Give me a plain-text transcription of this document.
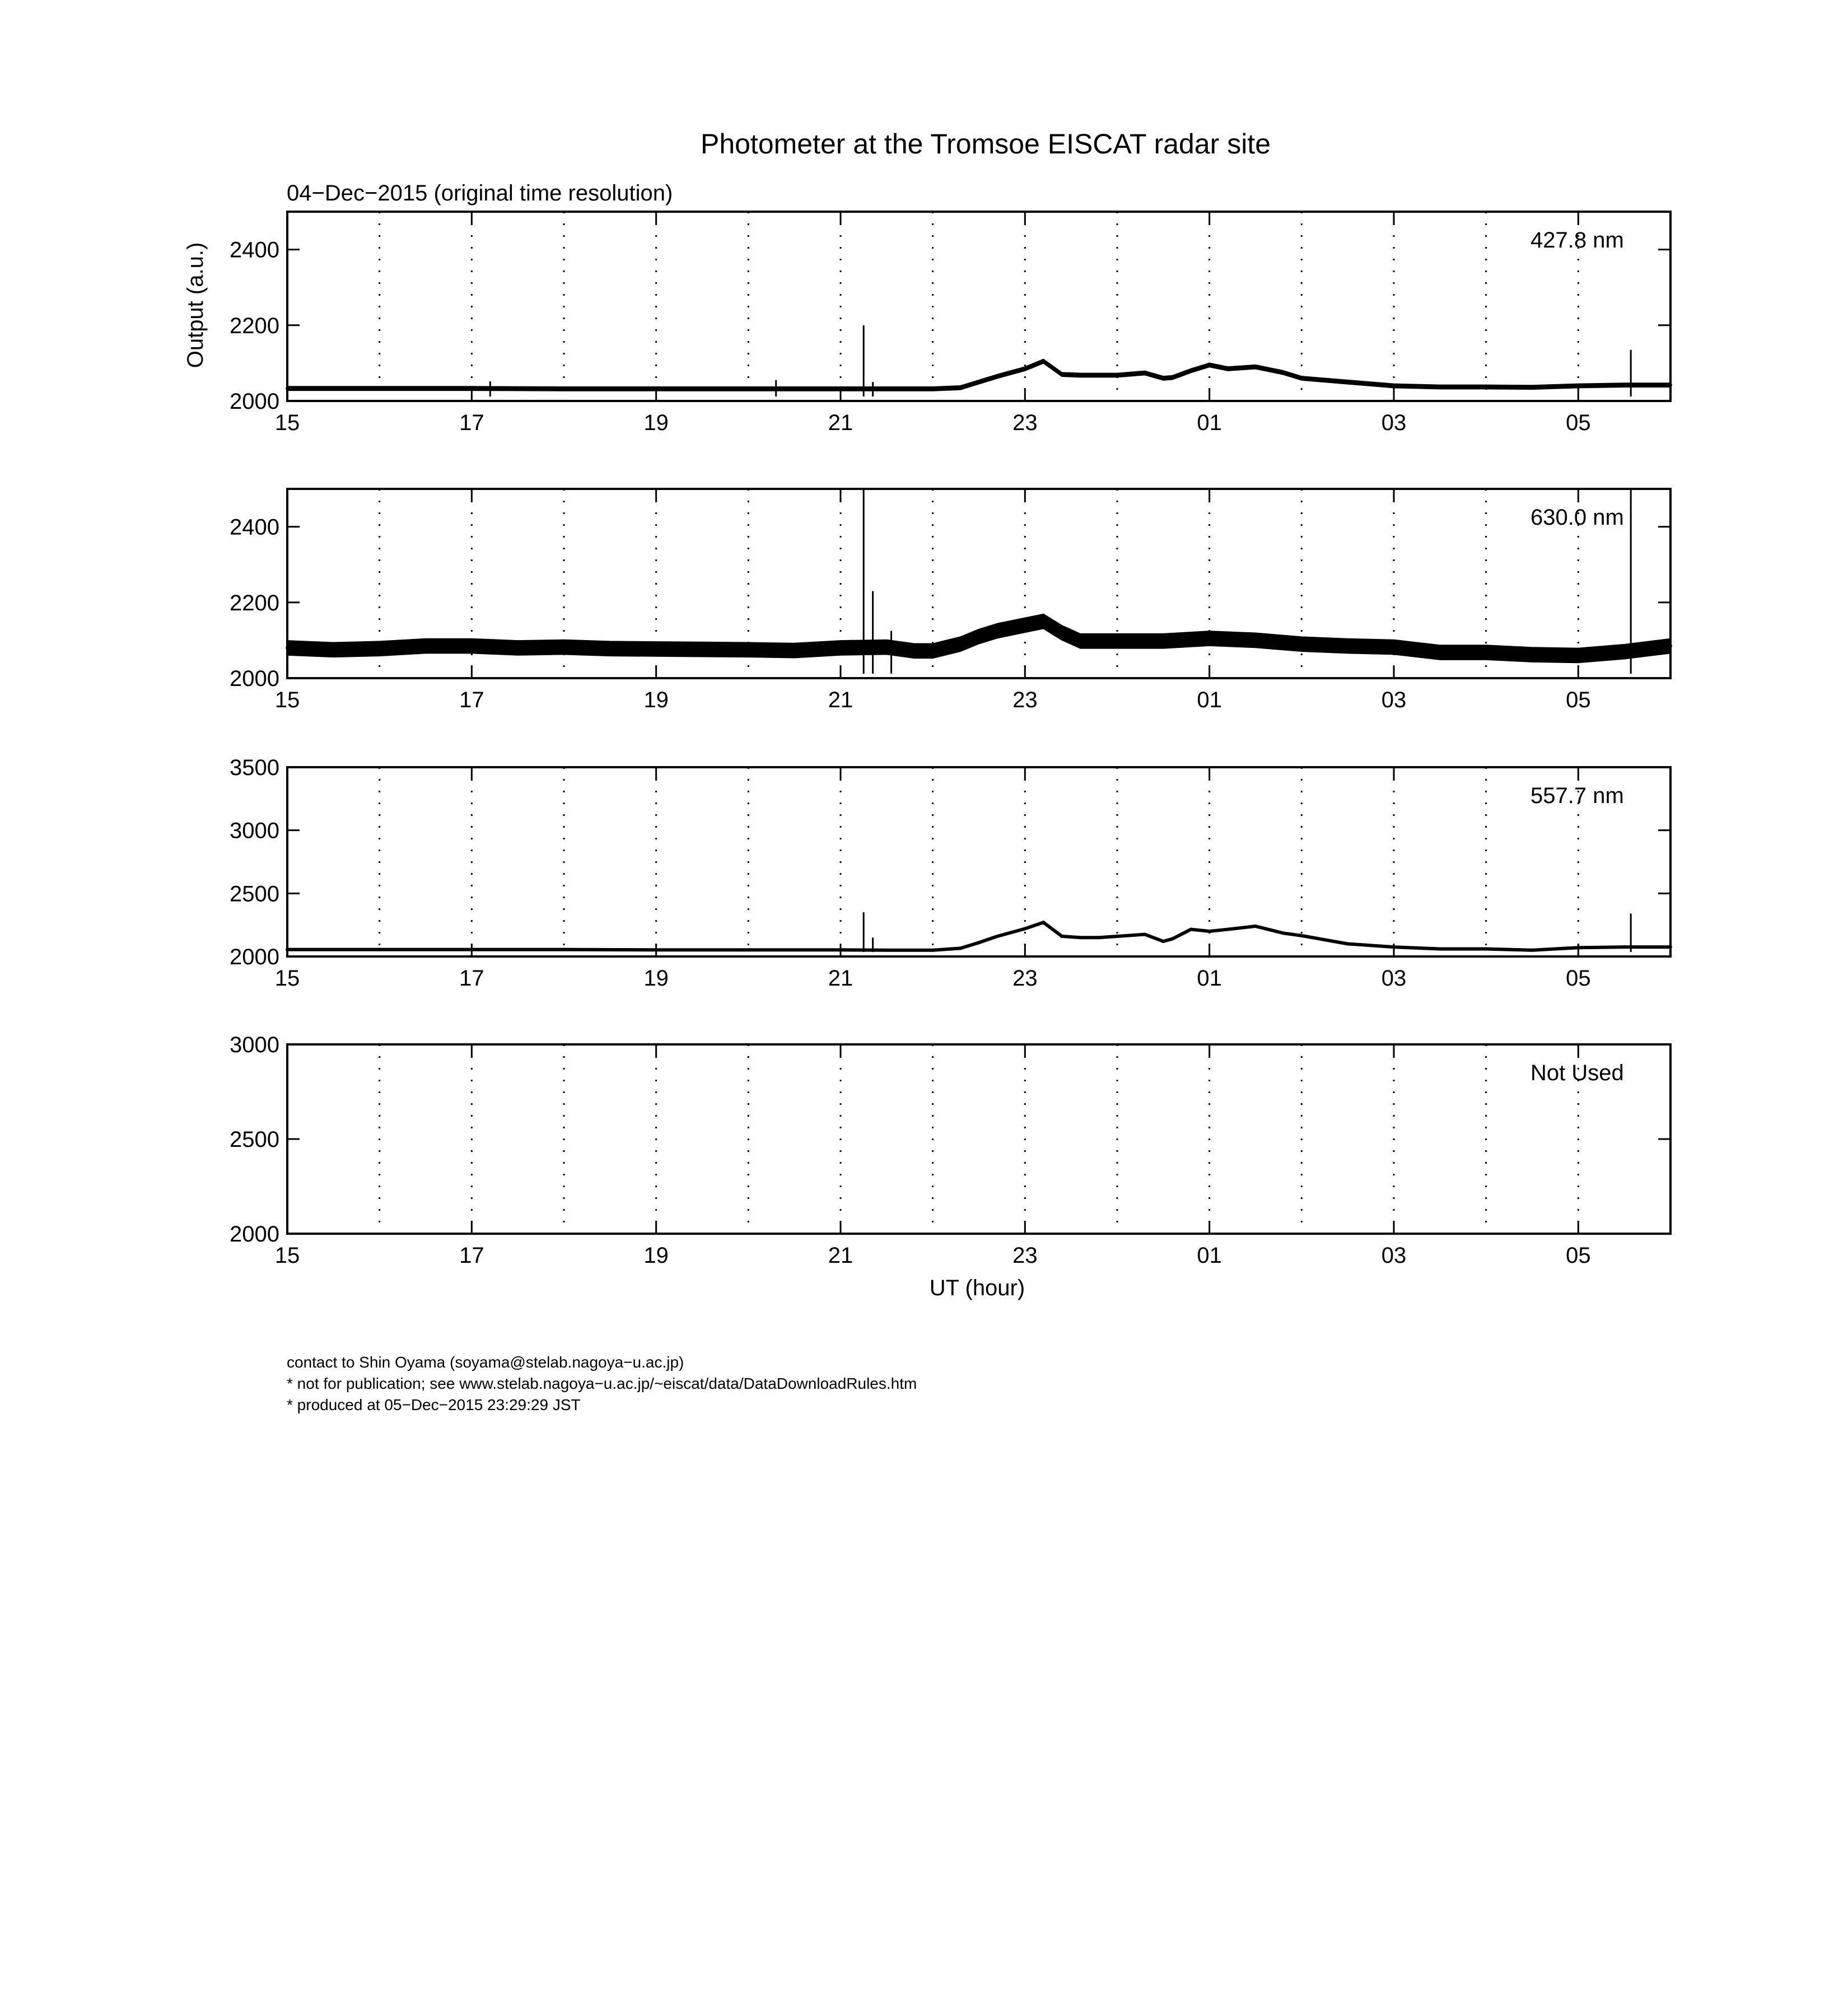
Photometer at the Tromsoe EISCAT radar site
04−Dec−2015 (original time resolution)
Output (a.u.)
UT (hour)
2000
2200
2400
15	17	19	21	23	01	03	05
427.8 nm
2000
2200
2400
15	17	19	21	23	01	03	05
630.0 nm
2000
2500
3000
3500
15	17	19	21	23	01	03	05
557.7 nm
2000
2500
3000
15	17	19	21	23	01	03	05
Not Used
contact to Shin Oyama (soyama@stelab.nagoya−u.ac.jp)
* not for publication; see www.stelab.nagoya−u.ac.jp/~eiscat/data/DataDownloadRules.htm
* produced at 05−Dec−2015 23:29:29 JST
